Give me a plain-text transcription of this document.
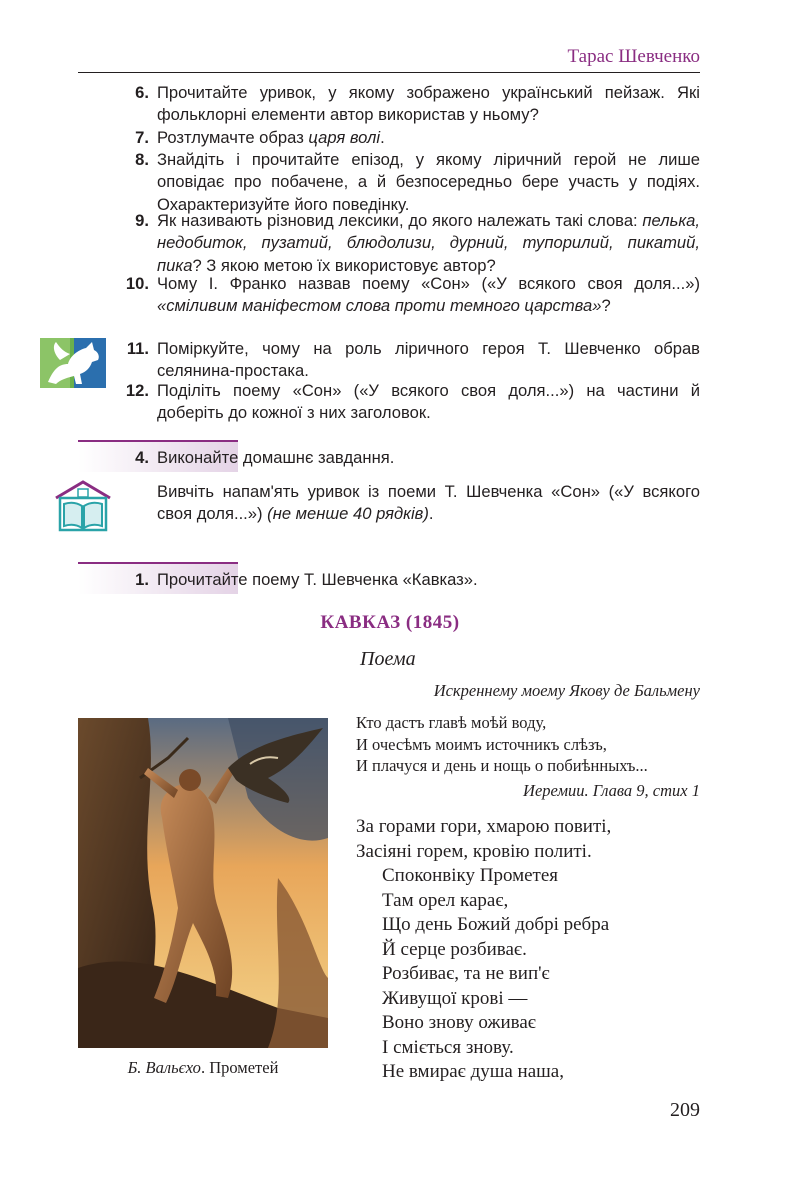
Тарас Шевченко
6. Прочитайте уривок, у якому зображено український пейзаж. Які фольклорні елементи автор використав у ньому?
7. Розтлумачте образ царя волі.
8. Знайдіть і прочитайте епізод, у якому ліричний герой не лише оповідає про побачене, а й безпосередньо бере участь у подіях. Охарактеризуйте його поведінку.
9. Як називають різновид лексики, до якого належать такі слова: пелька, недобиток, пузатий, блюдолизи, дурний, тупорилий, пикатий, пика? З якою метою їх використовує автор?
10. Чому І. Франко назвав поему «Сон» («У всякого своя доля...») «сміливим маніфестом слова проти темного царства»?
11. Поміркуйте, чому на роль ліричного героя Т. Шевченко обрав селянина-простака.
12. Поділіть поему «Сон» («У всякого своя доля...») на частини й доберіть до кожної з них заголовок.
4. Виконайте домашнє завдання.
Вивчіть напам'ять уривок із поеми Т. Шевченка «Сон» («У всякого своя доля...») (не менше 40 рядків).
1. Прочитайте поему Т. Шевченка «Кавказ».
КАВКАЗ (1845)
Поема
Искреннему моему Якову де Бальмену
Кто дастъ главѣ моѣй воду,
И очесѣмъ моимъ источникъ слѣзъ,
И плачуся и день и нощь о побиѣнныхъ...
Иеремии. Глава 9, стих 1
За горами гори, хмарою повиті,
Засіяні горем, кровію политі.
Споконвіку Прометея
Там орел карає,
Що день Божий добрі ребра
Й серце розбиває.
Розбиває, та не вип'є
Живущої крові —
Воно знову оживає
І сміється знову.
Не вмирає душа наша,
Б. Вальєхо. Прометей
209
